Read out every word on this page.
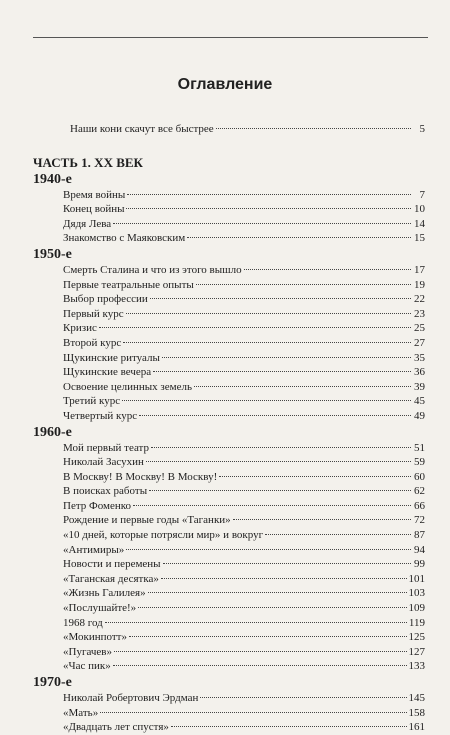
Оглавление
Наши кони скачут все быстрее	5
ЧАСТЬ 1. XX ВЕК
1940-е
Время войны	7
Конец войны	10
Дядя Лева	14
Знакомство с Маяковским	15
1950-е
Смерть Сталина и что из этого вышло	17
Первые театральные опыты	19
Выбор профессии	22
Первый курс	23
Кризис	25
Второй курс	27
Щукинские ритуалы	35
Щукинские вечера	36
Освоение целинных земель	39
Третий курс	45
Четвертый курс	49
1960-е
Мой первый театр	51
Николай Засухин	59
В Москву! В Москву! В Москву!	60
В поисках работы	62
Петр Фоменко	66
Рождение и первые годы «Таганки»	72
«10 дней, которые потрясли мир» и вокруг	87
«Антимиры»	94
Новости и перемены	99
«Таганская десятка»	101
«Жизнь Галилея»	103
«Послушайте!»	109
1968 год	119
«Мокинпотт»	125
«Пугачев»	127
«Час пик»	133
1970-е
Николай Робертович Эрдман	145
«Мать»	158
«Двадцать лет спустя»	161
